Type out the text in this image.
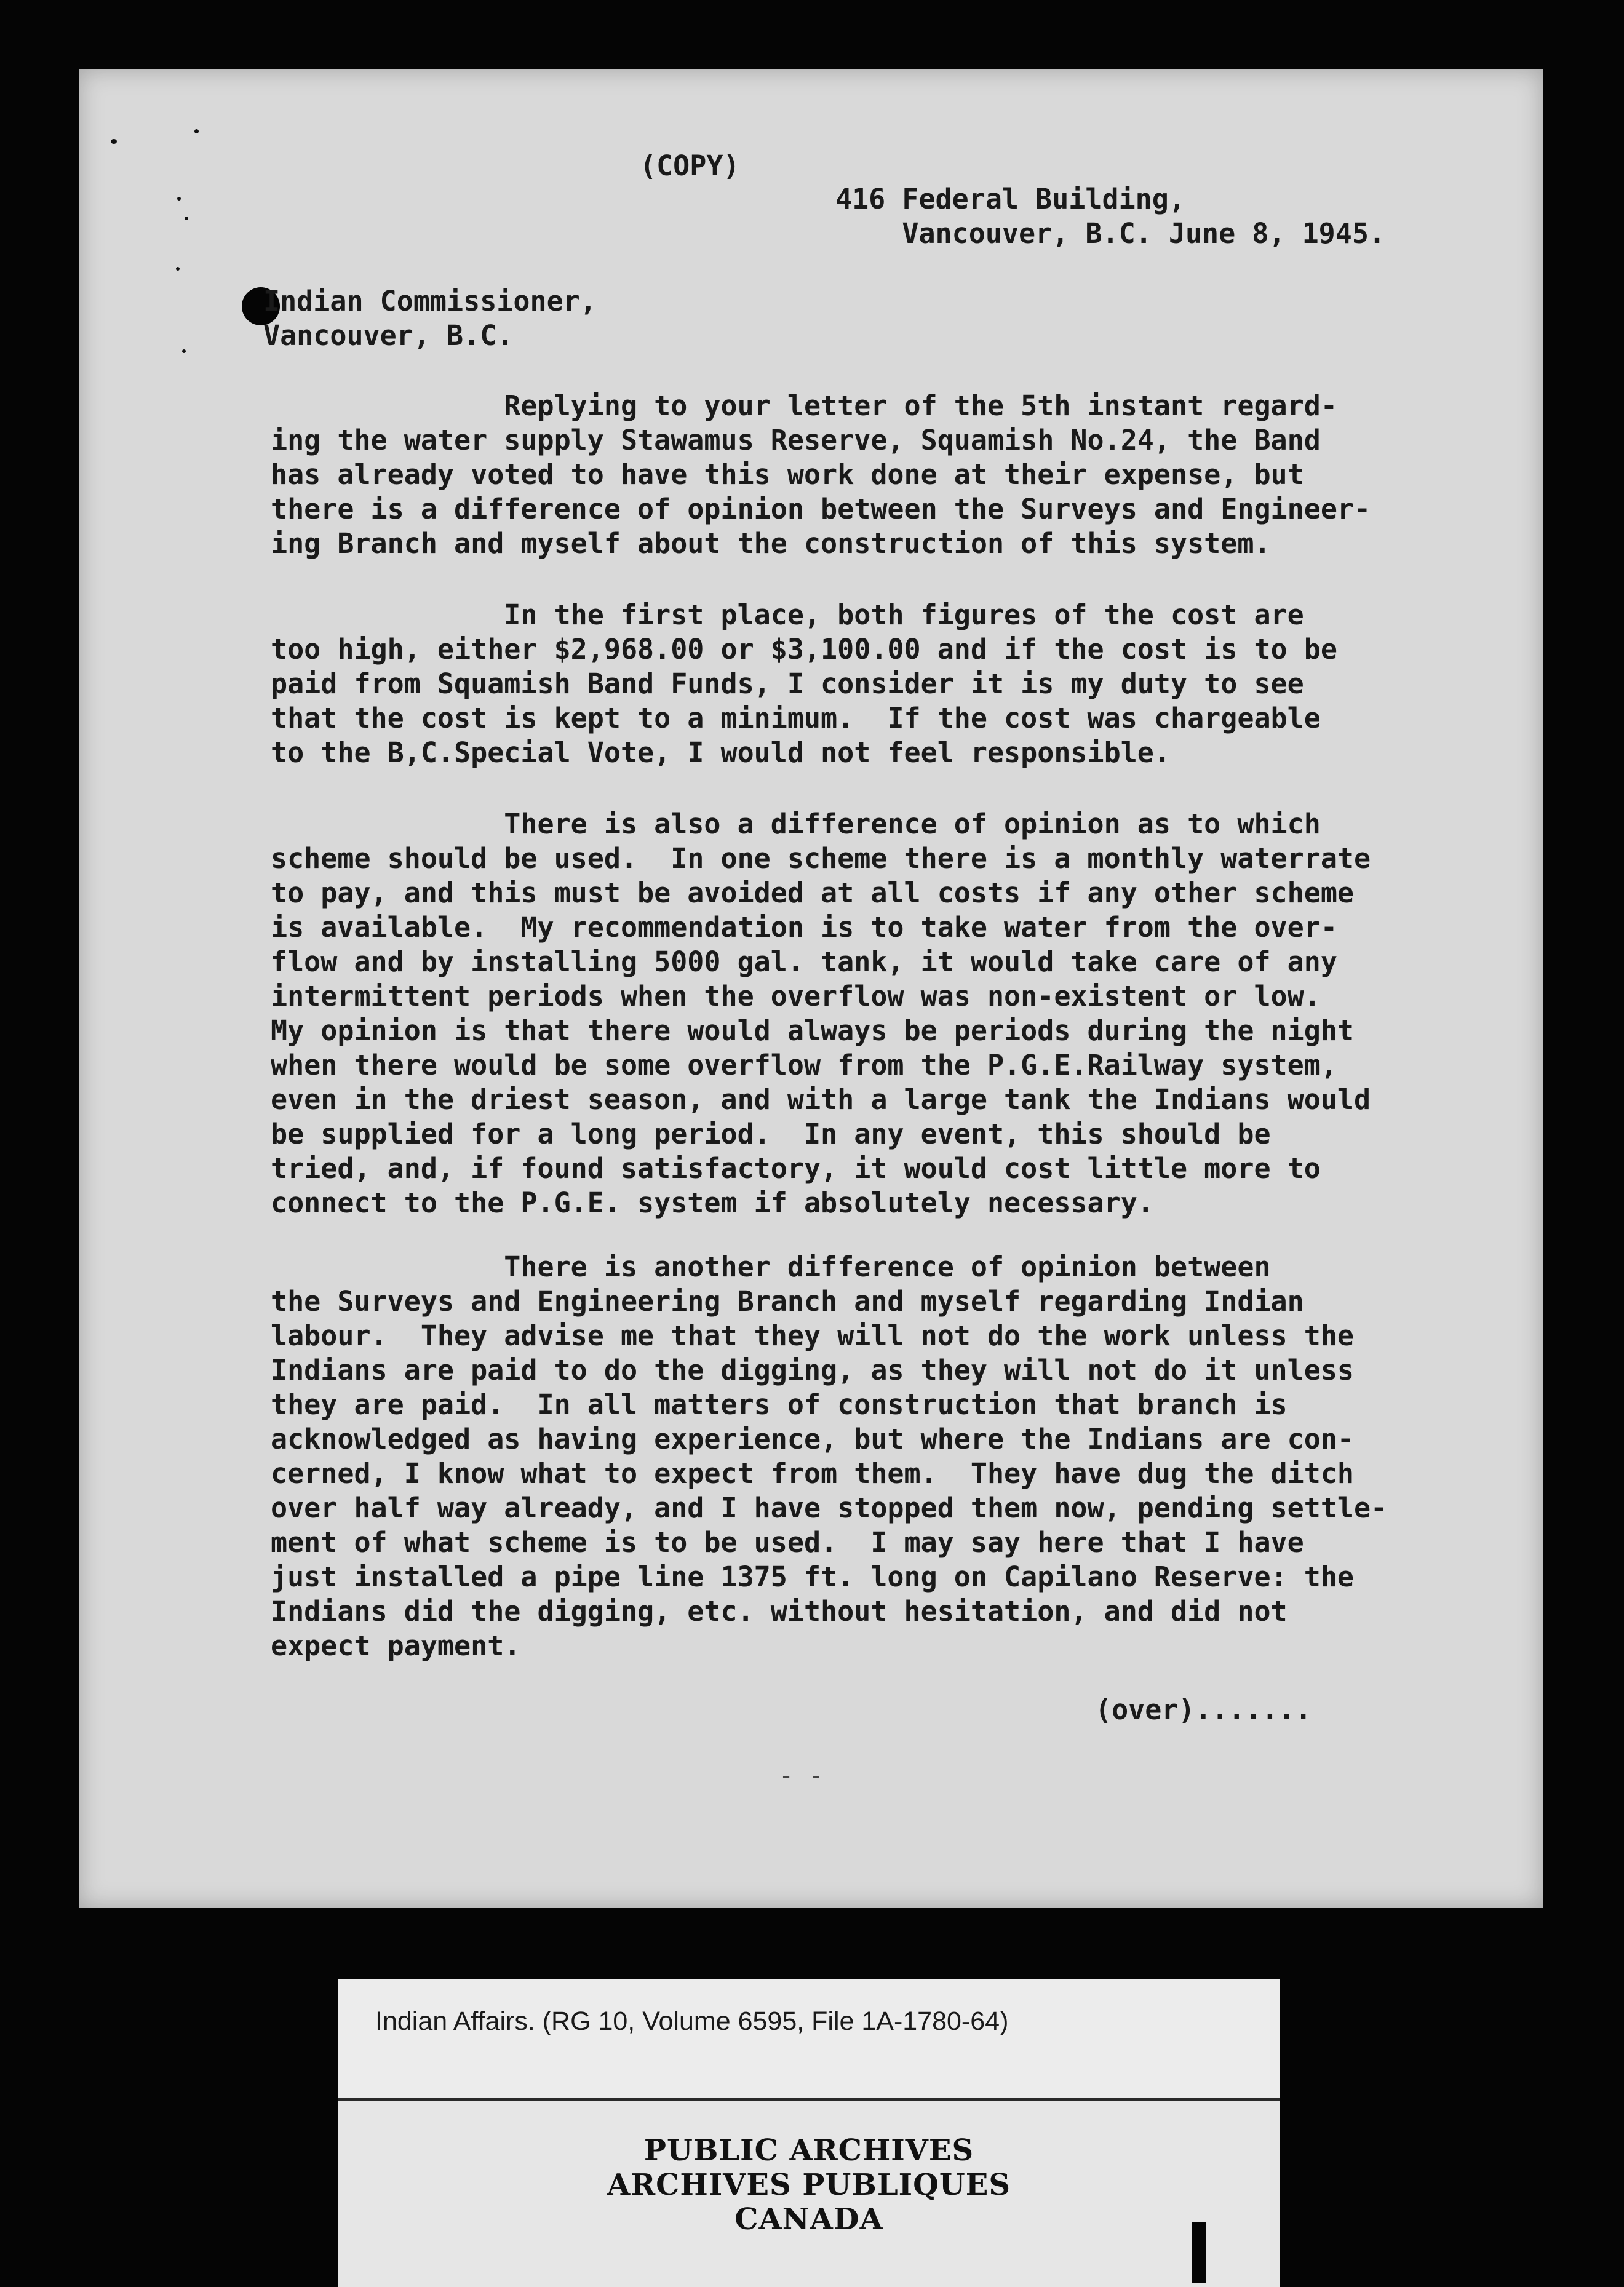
(COPY)
416 Federal Building,
Vancouver, B.C. June 8, 1945.
Indian Commissioner,
Vancouver, B.C.
Replying to your letter of the 5th instant regard-
ing the water supply Stawamus Reserve, Squamish No.24, the Band
has already voted to have this work done at their expense, but
there is a difference of opinion between the Surveys and Engineer-
ing Branch and myself about the construction of this system.
In the first place, both figures of the cost are
too high, either $2,968.00 or $3,100.00 and if the cost is to be
paid from Squamish Band Funds, I consider it is my duty to see
that the cost is kept to a minimum.  If the cost was chargeable
to the B,C.Special Vote, I would not feel responsible.
There is also a difference of opinion as to which
scheme should be used.  In one scheme there is a monthly waterrate
to pay, and this must be avoided at all costs if any other scheme
is available.  My recommendation is to take water from the over-
flow and by installing 5000 gal. tank, it would take care of any
intermittent periods when the overflow was non-existent or low.
My opinion is that there would always be periods during the night
when there would be some overflow from the P.G.E.Railway system,
even in the driest season, and with a large tank the Indians would
be supplied for a long period.  In any event, this should be
tried, and, if found satisfactory, it would cost little more to
connect to the P.G.E. system if absolutely necessary.
There is another difference of opinion between
the Surveys and Engineering Branch and myself regarding Indian
labour.  They advise me that they will not do the work unless the
Indians are paid to do the digging, as they will not do it unless
they are paid.  In all matters of construction that branch is
acknowledged as having experience, but where the Indians are con-
cerned, I know what to expect from them.  They have dug the ditch
over half way already, and I have stopped them now, pending settle-
ment of what scheme is to be used.  I may say here that I have
just installed a pipe line 1375 ft. long on Capilano Reserve: the
Indians did the digging, etc. without hesitation, and did not
expect payment.
(over).......
- -
Indian Affairs. (RG 10, Volume 6595, File 1A-1780-64)
PUBLIC ARCHIVES
ARCHIVES PUBLIQUES
CANADA
